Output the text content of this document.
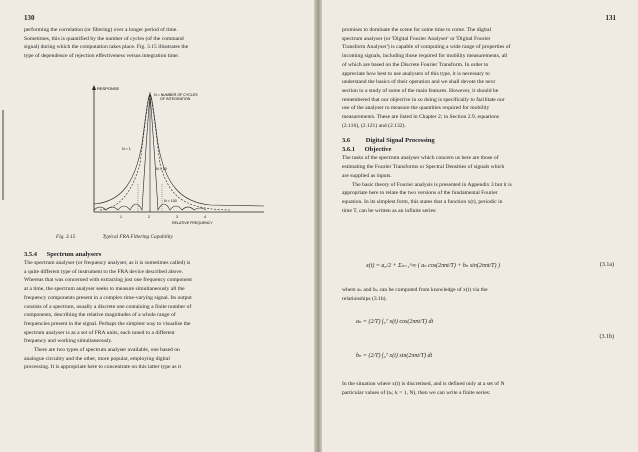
130

performing the correlation (or filtering) over a longer period of time.

Sometimes, this is quantified by the number of cycles (of the command

signal) during which the computation takes place. Fig. 3.15 illustrates the

type of dependence of rejection effectiveness versus integration time.

RESPONSE
N = NUMBER OF CYCLES
OF INTEGRATION
N = 1
N = 10
N = 100
1	2	3	4
RELATIVE FREQUENCY
Fig. 3.15	Typical FRA Filtering Capability

3.5.4 Spectrum analysers

The spectrum analyser (or frequency analyser, as it is sometimes called) is

a quite different type of instrument to the FRA device described above.

Whereas that was concerned with extracting just one frequency component

at a time, the spectrum analyser seeks to measure simultaneously all the

frequency components present in a complex time-varying signal. Its output

consists of a spectrum, usually a discrete one containing a finite number of

components, describing the relative magnitudes of a whole range of

frequencies present in the signal. Perhaps the simplest way to visualise the

spectrum analyser is as a set of FRA units, each tuned to a different

frequency and working simultaneously.

There are two types of spectrum analyser available, one based on

analogue circuitry and the other, more popular, employing digital

processing. It is appropriate here to concentrate on this latter type as it

131

promises to dominate the scene for some time to come. The digital

spectrum analyser (or 'Digital Fourier Analyser' or 'Digital Fourier

Transform Analyser') is capable of computing a wide range of properties of

incoming signals, including those required for mobility measurements, all

of which are based on the Discrete Fourier Transform. In order to

appreciate how best to use analysers of this type, it is necessary to

understand the basics of their operation and we shall devote the next

section to a study of some of the main features. However, it should be

remembered that our objective in so doing is specifically to facilitate our

use of the analyser to measure the quantities required for mobility

measurements. These are listed in Chapter 2; in Section 2.9, equations

(2.116), (2.121) and (2.132).

3.6 Digital Signal Processing

3.6.1 Objective

The tasks of the spectrum analyser which concern us here are those of

estimating the Fourier Transforms or Spectral Densities of signals which

are supplied as inputs.

The basic theory of Fourier analysis is presented in Appendix 3 but it is

appropriate here to relate the two versions of the fundamental Fourier

equation. In its simplest form, this states that a function x(t), periodic in

time T, can be written as an infinite series:

x(t) = a₀/2 + Σₙ₌₁^∞ ( aₙ cos(2πnt/T) + bₙ sin(2πnt/T) )	(3.1a)

where aₙ and bₙ can be computed from knowledge of x(t) via the

relationships (3.1b).

aₙ = (2/T) ∫₀ᵀ x(t) cos(2πnt/T) dt
(3.1b)
bₙ = (2/T) ∫₀ᵀ x(t) sin(2πnt/T) dt

In the situation where x(t) is discretised, and is defined only at a set of N

particular values of (tₖ; k = 1, N), then we can write a finite series:
